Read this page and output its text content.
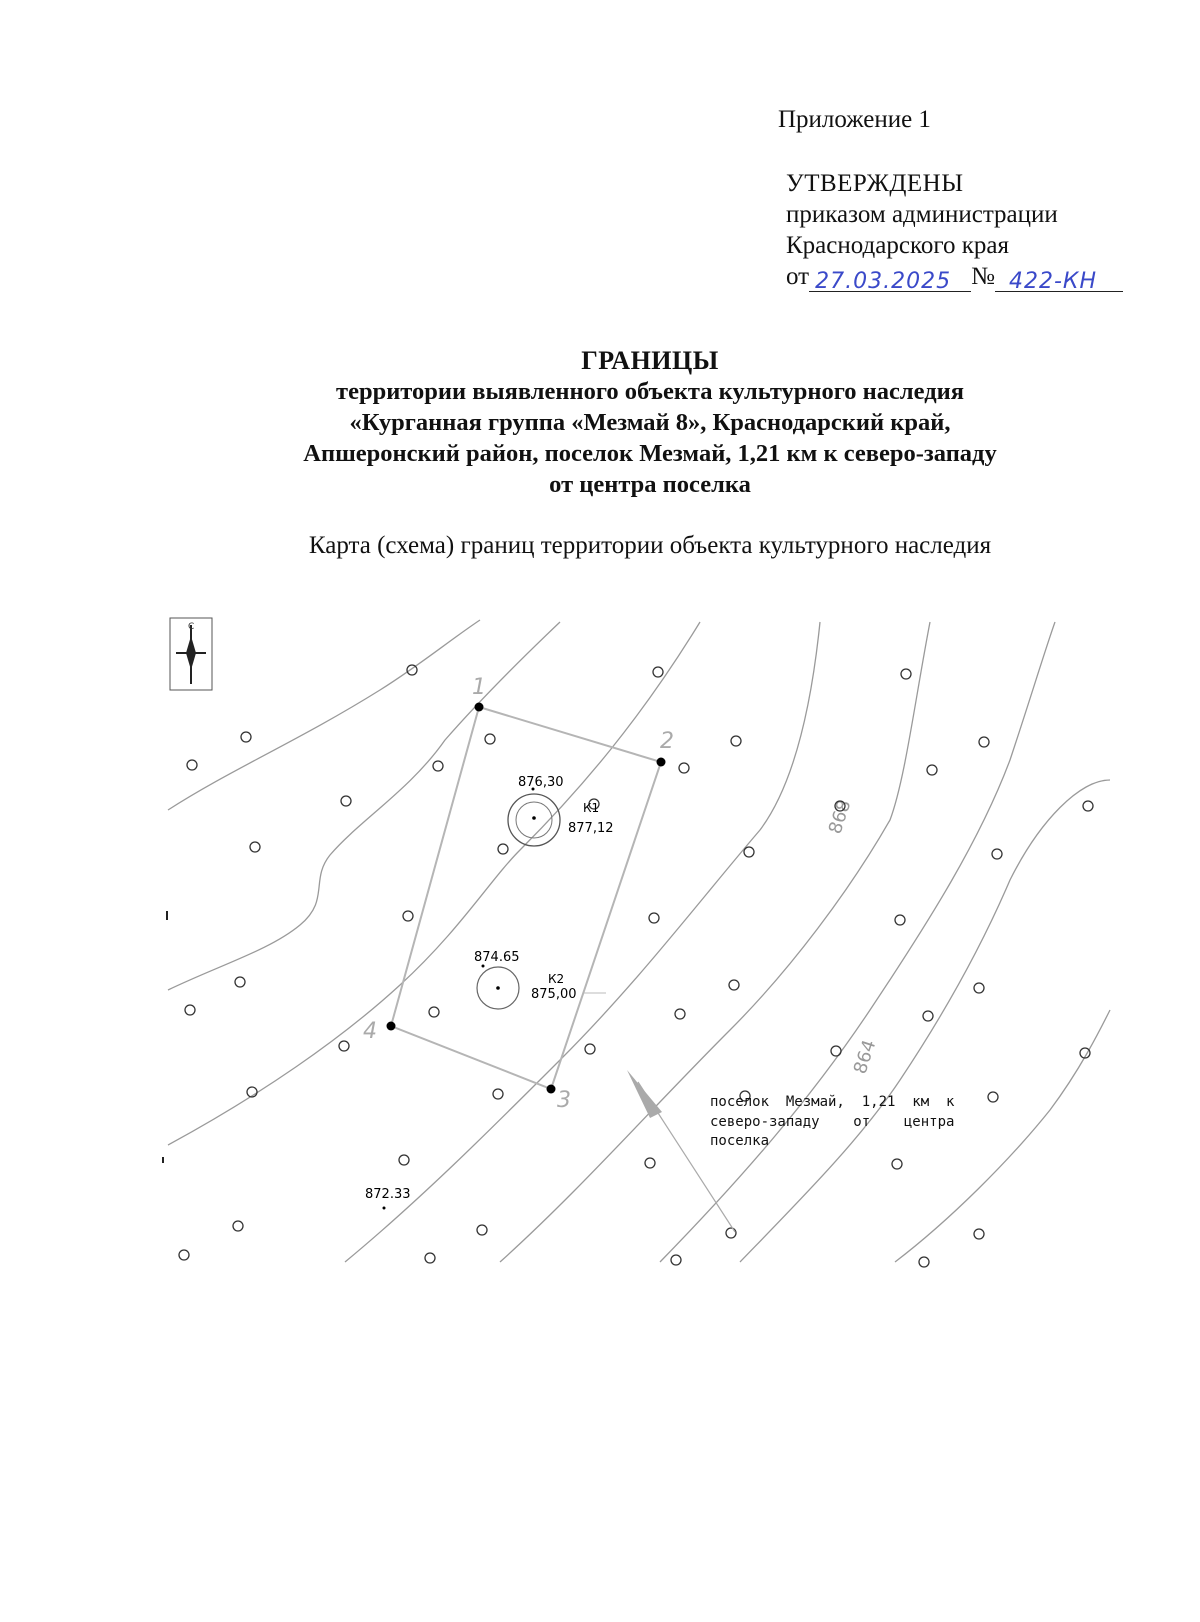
Приложение 1
УТВЕРЖДЕНЫ
приказом администрации
Краснодарского края
от 27.03.2025 № 422-КН
ГРАНИЦЫ
территории выявленного объекта культурного наследия
«Курганная группа «Мезмай 8», Краснодарский край,
Апшеронский район, поселок Мезмай, 1,21 км к северо-западу
от центра поселка
Карта (схема) границ территории объекта культурного наследия
С
868
864
1
2
3
4
876,30
К1
877,12
874.65
К2
875,00
872.33
поселок  Мезмай,  1,21  км  к
северо-западу    от    центра
поселка
